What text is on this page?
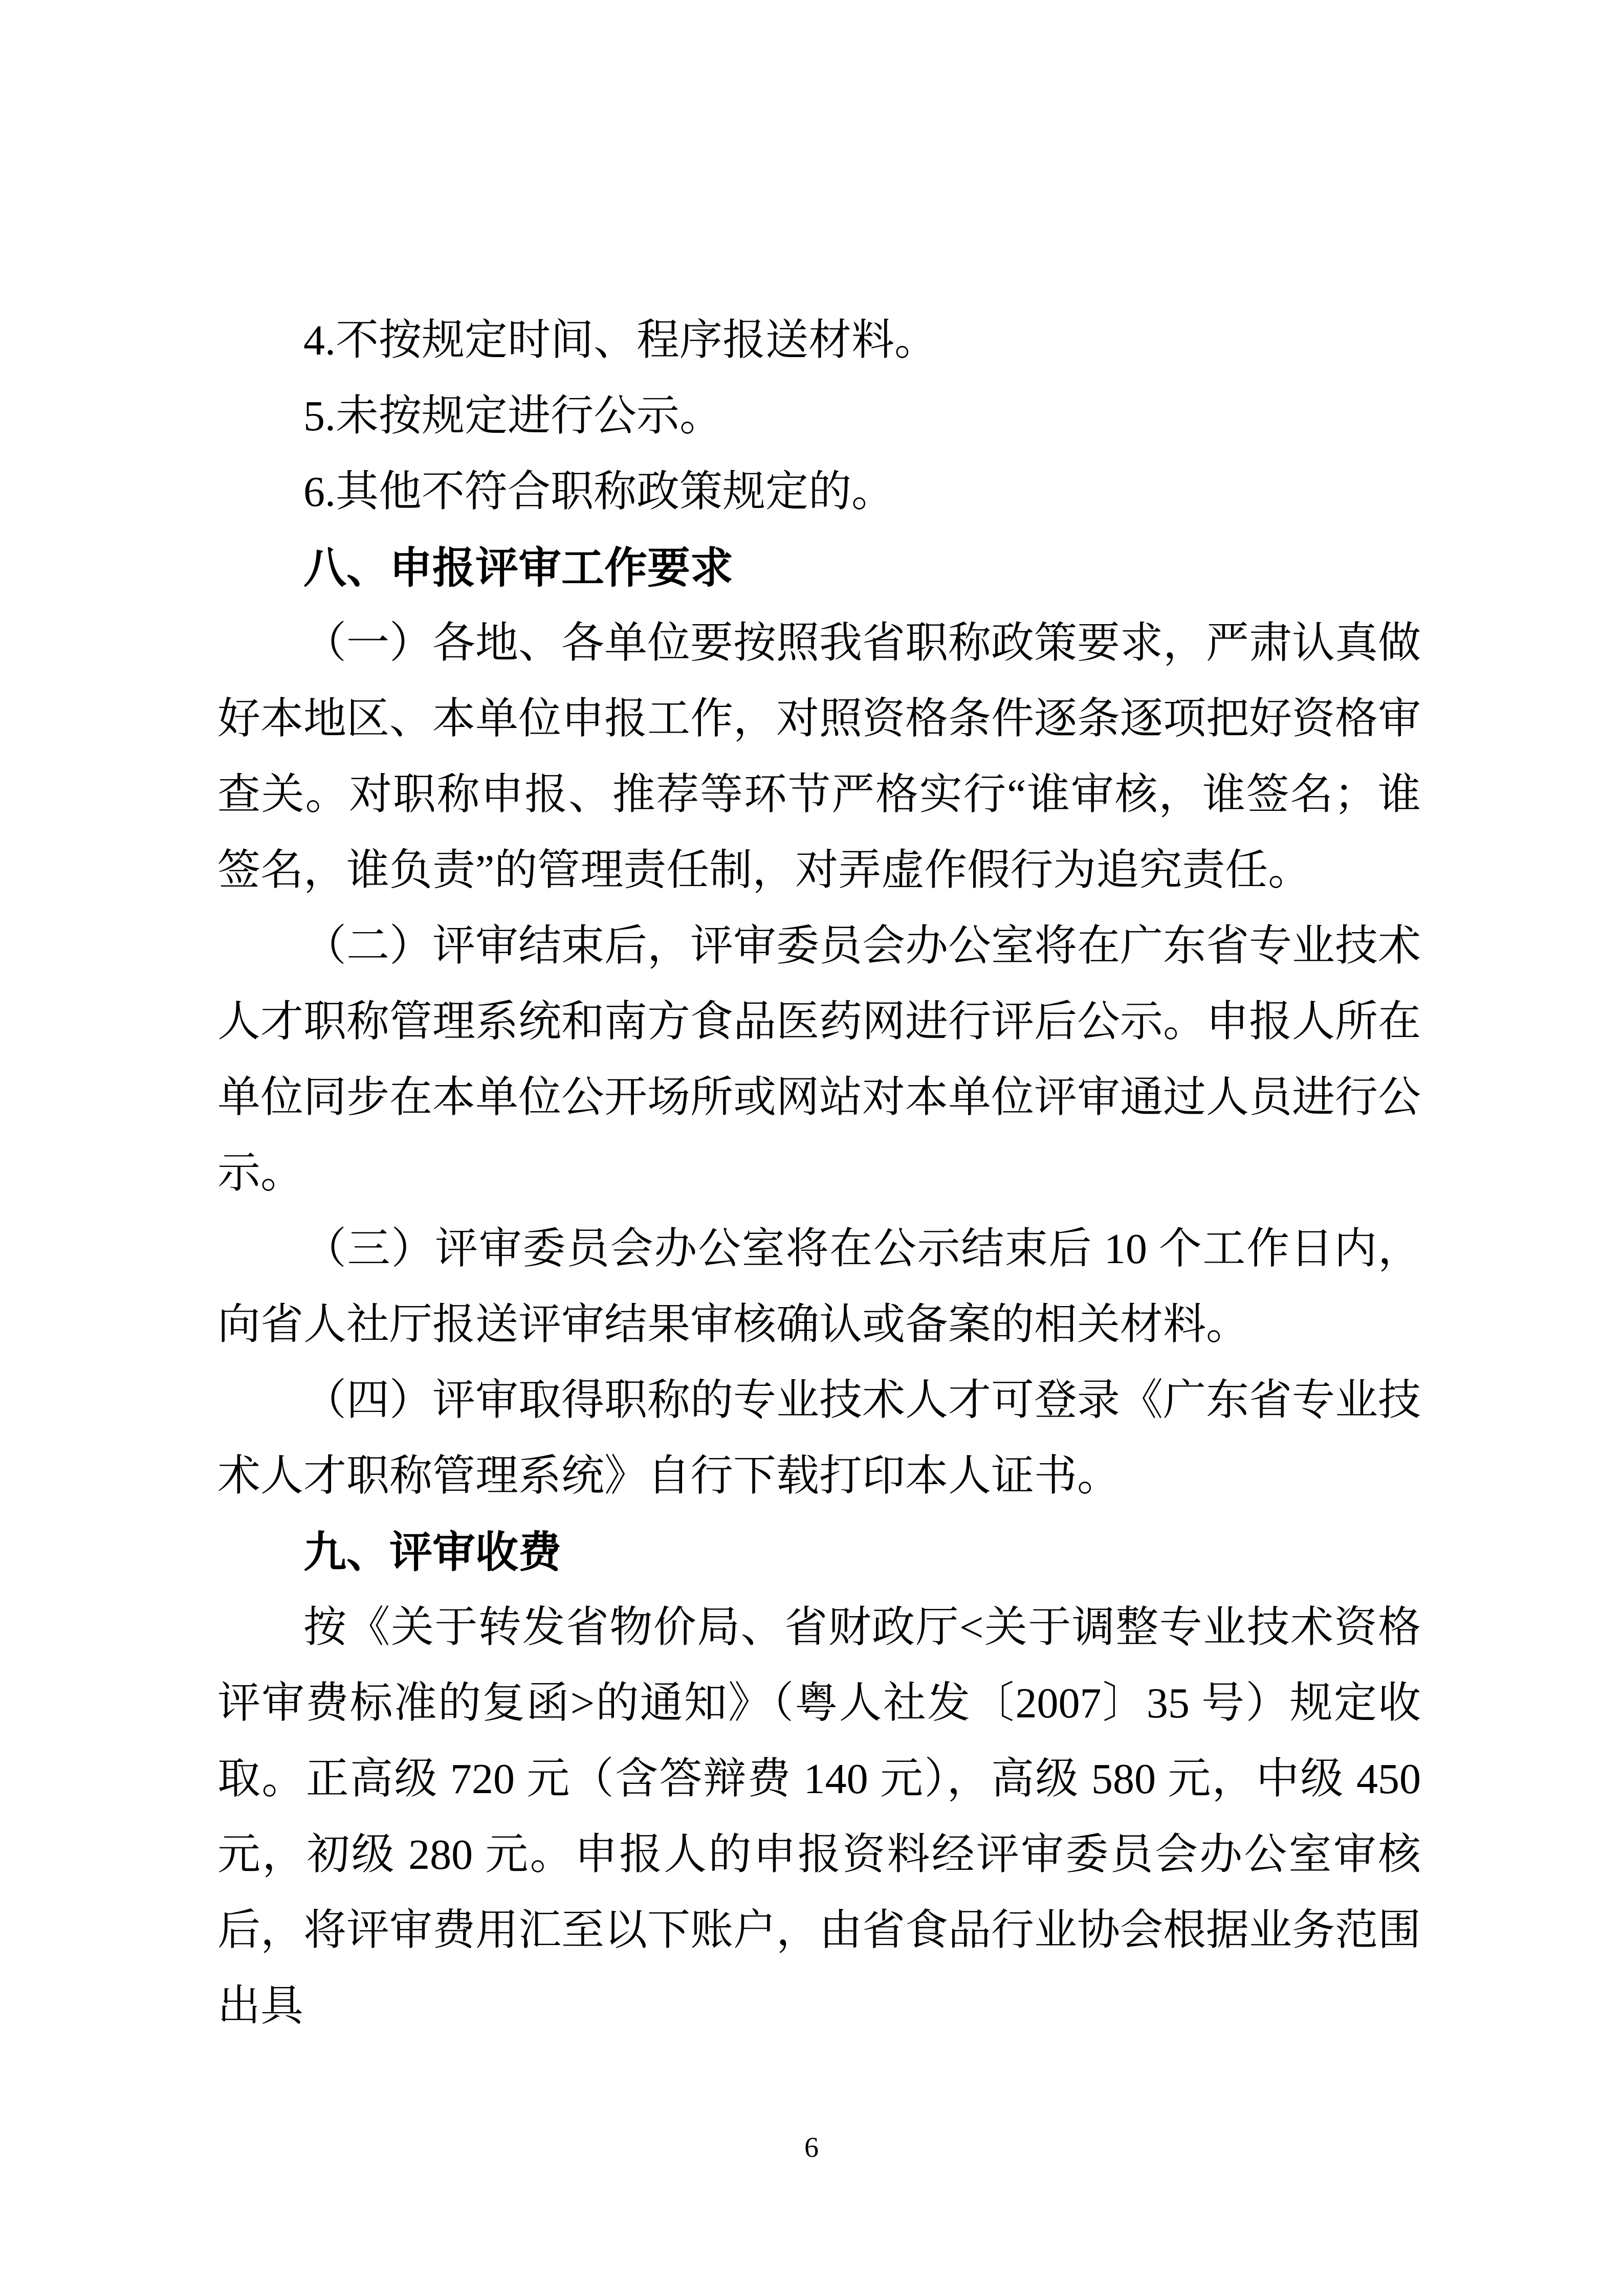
4.不按规定时间、程序报送材料。

5.未按规定进行公示。

6.其他不符合职称政策规定的。

八、申报评审工作要求

（一）各地、各单位要按照我省职称政策要求，严肃认真做好本地区、本单位申报工作，对照资格条件逐条逐项把好资格审查关。对职称申报、推荐等环节严格实行“谁审核，谁签名；谁签名，谁负责”的管理责任制，对弄虚作假行为追究责任。

（二）评审结束后，评审委员会办公室将在广东省专业技术人才职称管理系统和南方食品医药网进行评后公示。申报人所在单位同步在本单位公开场所或网站对本单位评审通过人员进行公示。

（三）评审委员会办公室将在公示结束后 10 个工作日内，向省人社厅报送评审结果审核确认或备案的相关材料。

（四）评审取得职称的专业技术人才可登录《广东省专业技术人才职称管理系统》自行下载打印本人证书。

九、评审收费

按《关于转发省物价局、省财政厅<关于调整专业技术资格评审费标准的复函>的通知》（粤人社发〔2007〕35 号）规定收取。正高级 720 元（含答辩费 140 元），高级 580 元，中级 450 元，初级 280 元。申报人的申报资料经评审委员会办公室审核后，将评审费用汇至以下账户，由省食品行业协会根据业务范围出具

6
